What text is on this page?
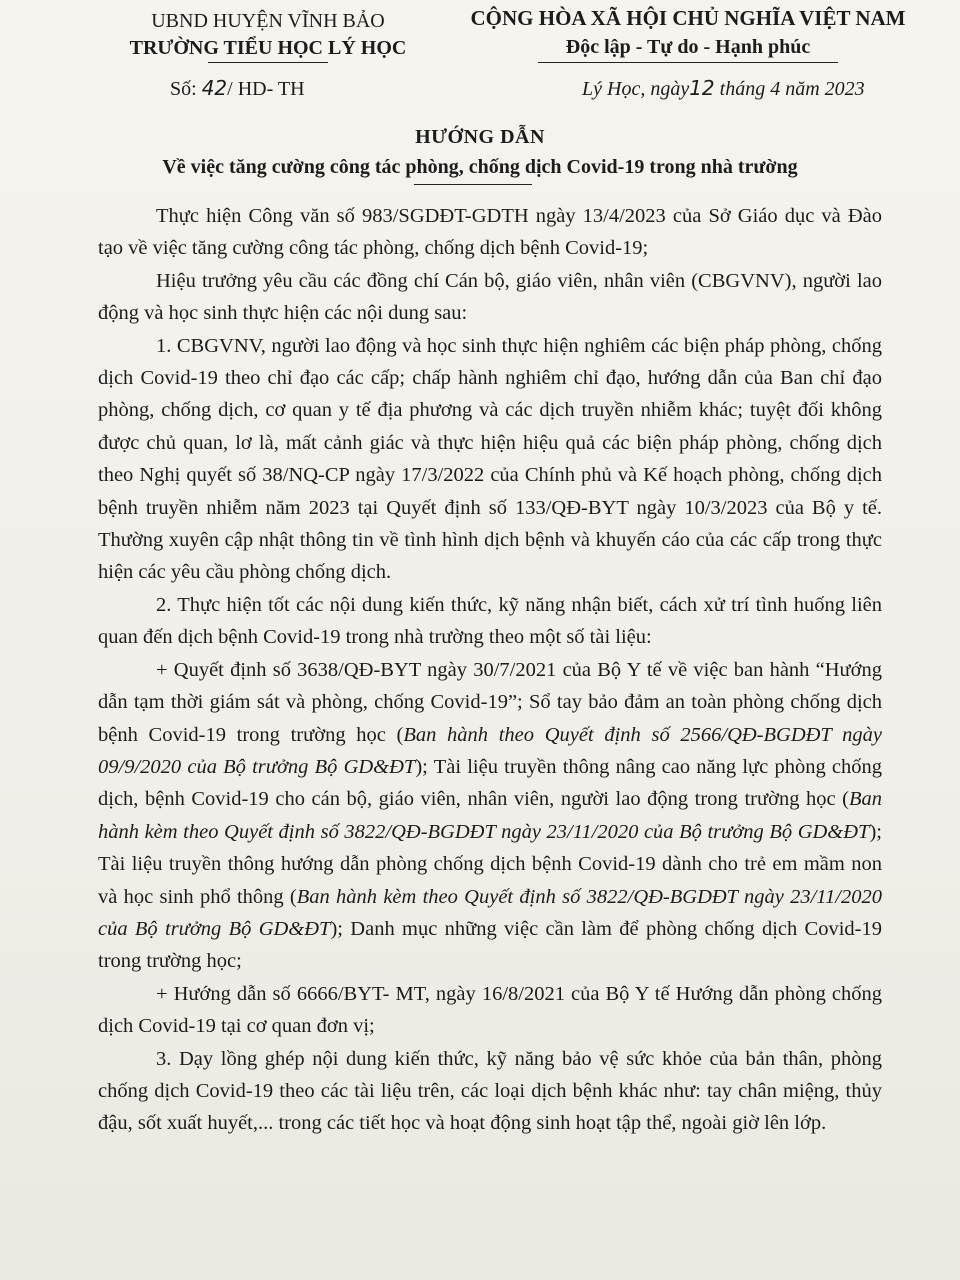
UBND HUYỆN VĨNH BẢO
TRƯỜNG TIỂU HỌC LÝ HỌC
CỘNG HÒA XÃ HỘI CHỦ NGHĨA VIỆT NAM
Độc lập - Tự do - Hạnh phúc
Số: 42/ HD- TH	Lý Học, ngày12 tháng 4 năm 2023
HƯỚNG DẪN
Về việc tăng cường công tác phòng, chống dịch Covid-19 trong nhà trường

Thực hiện Công văn số 983/SGDĐT-GDTH ngày 13/4/2023 của Sở Giáo dục và Đào tạo về việc tăng cường công tác phòng, chống dịch bệnh Covid-19;

Hiệu trưởng yêu cầu các đồng chí Cán bộ, giáo viên, nhân viên (CBGVNV), người lao động và học sinh thực hiện các nội dung sau:

1. CBGVNV, người lao động và học sinh thực hiện nghiêm các biện pháp phòng, chống dịch Covid-19 theo chỉ đạo các cấp; chấp hành nghiêm chỉ đạo, hướng dẫn của Ban chỉ đạo phòng, chống dịch, cơ quan y tế địa phương và các dịch truyền nhiễm khác; tuyệt đối không được chủ quan, lơ là, mất cảnh giác và thực hiện hiệu quả các biện pháp phòng, chống dịch theo Nghị quyết số 38/NQ-CP ngày 17/3/2022 của Chính phủ và Kế hoạch phòng, chống dịch bệnh truyền nhiễm năm 2023 tại Quyết định số 133/QĐ-BYT ngày 10/3/2023 của Bộ y tế. Thường xuyên cập nhật thông tin về tình hình dịch bệnh và khuyến cáo của các cấp trong thực hiện các yêu cầu phòng chống dịch.

2. Thực hiện tốt các nội dung kiến thức, kỹ năng nhận biết, cách xử trí tình huống liên quan đến dịch bệnh Covid-19 trong nhà trường theo một số tài liệu:

+ Quyết định số 3638/QĐ-BYT ngày 30/7/2021 của Bộ Y tế về việc ban hành “Hướng dẫn tạm thời giám sát và phòng, chống Covid-19”; Sổ tay bảo đảm an toàn phòng chống dịch bệnh Covid-19 trong trường học (Ban hành theo Quyết định số 2566/QĐ-BGDĐT ngày 09/9/2020 của Bộ trưởng Bộ GD&ĐT); Tài liệu truyền thông nâng cao năng lực phòng chống dịch, bệnh Covid-19 cho cán bộ, giáo viên, nhân viên, người lao động trong trường học (Ban hành kèm theo Quyết định số 3822/QĐ-BGDĐT ngày 23/11/2020 của Bộ trưởng Bộ GD&ĐT); Tài liệu truyền thông hướng dẫn phòng chống dịch bệnh Covid-19 dành cho trẻ em mầm non và học sinh phổ thông (Ban hành kèm theo Quyết định số 3822/QĐ-BGDĐT ngày 23/11/2020 của Bộ trưởng Bộ GD&ĐT); Danh mục những việc cần làm để phòng chống dịch Covid-19 trong trường học;

+ Hướng dẫn số 6666/BYT- MT, ngày 16/8/2021 của Bộ Y tế Hướng dẫn phòng chống dịch Covid-19 tại cơ quan đơn vị;

3. Dạy lồng ghép nội dung kiến thức, kỹ năng bảo vệ sức khỏe của bản thân, phòng chống dịch Covid-19 theo các tài liệu trên, các loại dịch bệnh khác như: tay chân miệng, thủy đậu, sốt xuất huyết,... trong các tiết học và hoạt động sinh hoạt tập thể, ngoài giờ lên lớp.
